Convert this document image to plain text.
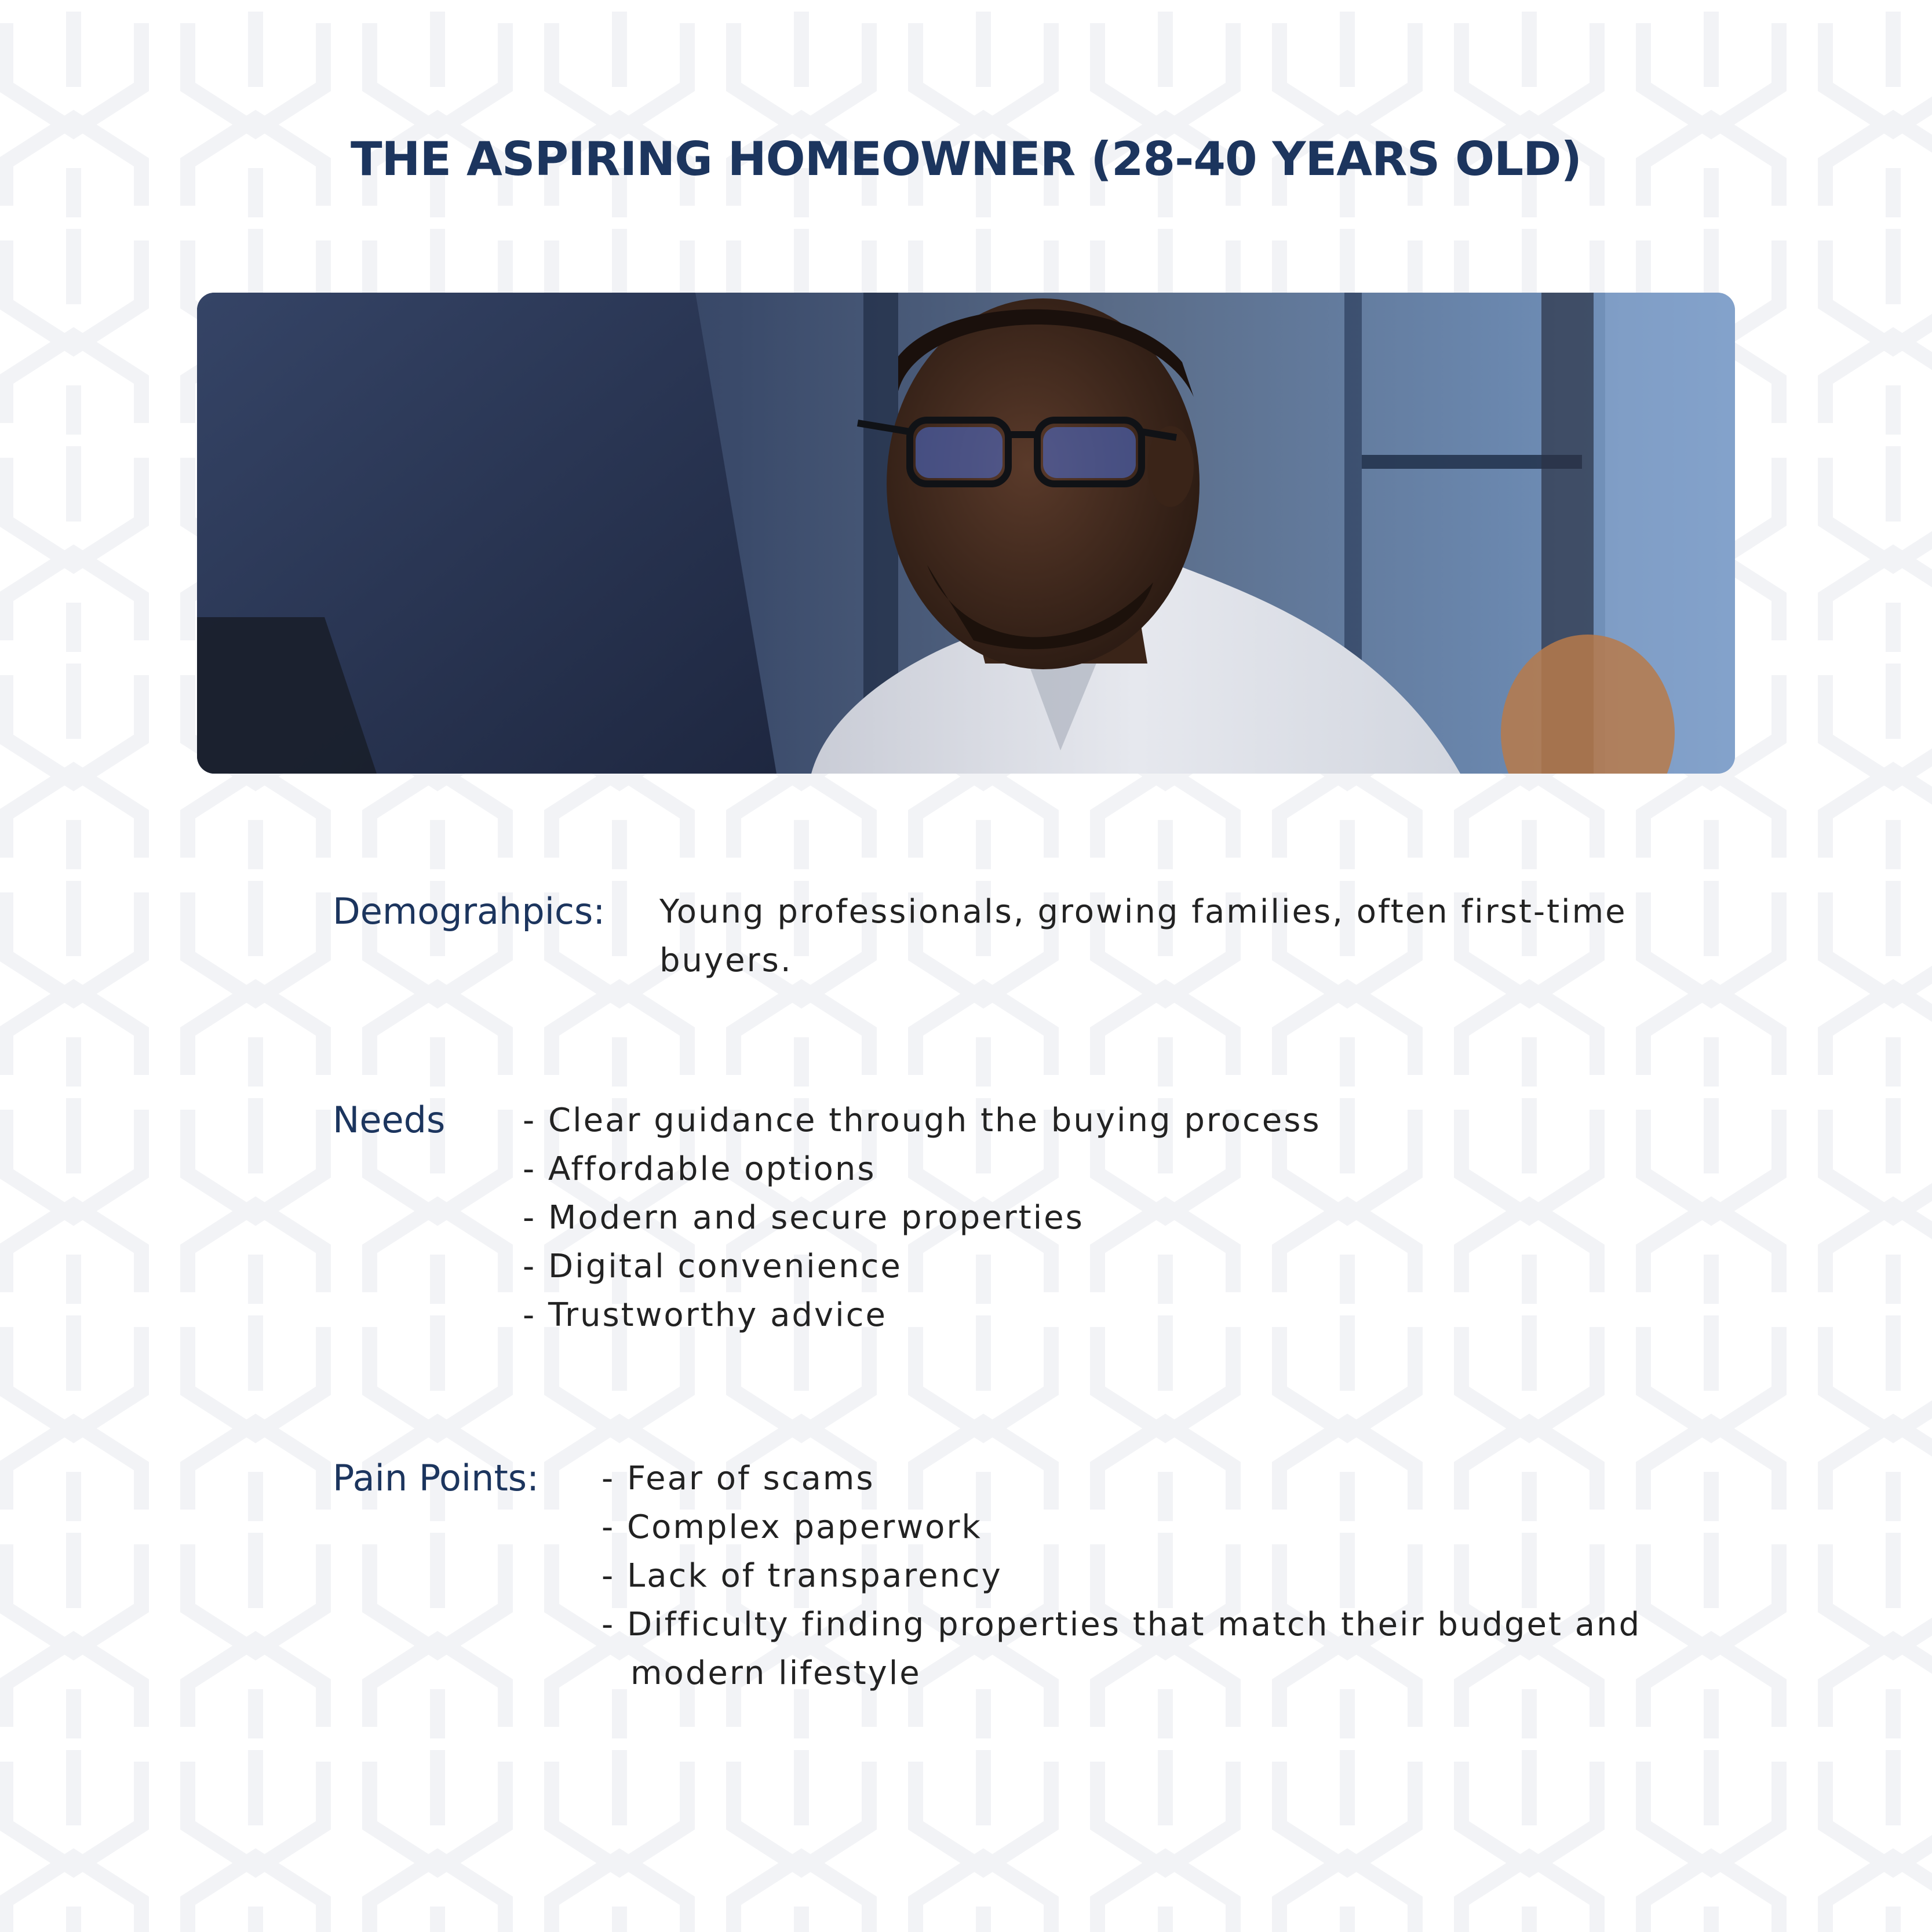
THE ASPIRING HOMEOWNER (28-40 YEARS OLD)
Demograhpics: Young professionals, growing families, often first-time
buyers.
Needs - Clear guidance through the buying process
- Affordable options
- Modern and secure properties
- Digital convenience
- Trustworthy advice
Pain Points: - Fear of scams
- Complex paperwork
- Lack of transparency
- Difficulty finding properties that match their budget and
modern lifestyle
